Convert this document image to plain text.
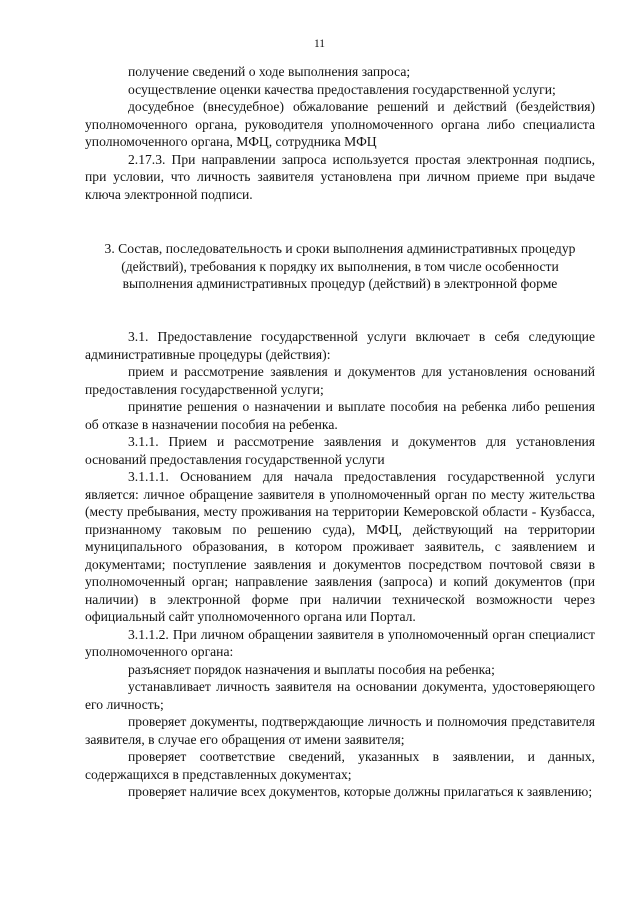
11

получение сведений о ходе выполнения запроса;

осуществление оценки качества предоставления государственной услуги;

досудебное (внесудебное) обжалование решений и действий (бездействия) уполномоченного органа, руководителя уполномоченного органа либо специалиста уполномоченного органа, МФЦ, сотрудника МФЦ

2.17.3. При направлении запроса используется простая электронная подпись, при условии, что личность заявителя установлена при личном приеме при выдаче ключа электронной подписи.

3. Состав, последовательность и сроки выполнения административных процедур (действий), требования к порядку их выполнения, в том числе особенности выполнения административных процедур (действий) в электронной форме

3.1. Предоставление государственной услуги включает в себя следующие административные процедуры (действия):

прием и рассмотрение заявления и документов для установления оснований предоставления государственной услуги;

принятие решения о назначении и выплате пособия на ребенка либо решения об отказе в назначении пособия на ребенка.

3.1.1. Прием и рассмотрение заявления и документов для установления оснований предоставления государственной услуги

3.1.1.1. Основанием для начала предоставления государственной услуги является: личное обращение заявителя в уполномоченный орган по месту жительства (месту пребывания, месту проживания на территории Кемеровской области - Кузбасса, признанному таковым по решению суда), МФЦ, действующий на территории муниципального образования, в котором проживает заявитель, с заявлением и документами; поступление заявления и документов посредством почтовой связи в уполномоченный орган; направление заявления (запроса) и копий документов (при наличии) в электронной форме при наличии технической возможности через официальный сайт уполномоченного органа или Портал.

3.1.1.2. При личном обращении заявителя в уполномоченный орган специалист уполномоченного органа:

разъясняет порядок назначения и выплаты пособия на ребенка;

устанавливает личность заявителя на основании документа, удостоверяющего его личность;

проверяет документы, подтверждающие личность и полномочия представителя заявителя, в случае его обращения от имени заявителя;

проверяет соответствие сведений, указанных в заявлении, и данных, содержащихся в представленных документах;

проверяет наличие всех документов, которые должны прилагаться к заявлению;
